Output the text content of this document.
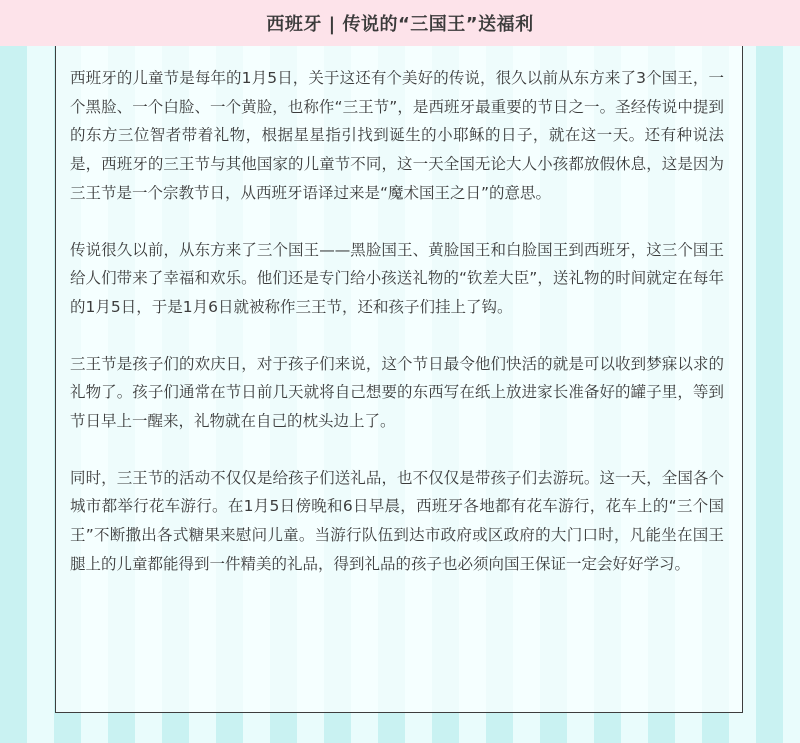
西班牙 | 传说的“三国王”送福利

西班牙的儿童节是每年的1月5日，关于这还有个美好的传说，很久以前从东方来了3个国王，一个黑脸、一个白脸、一个黄脸，也称作“三王节”，是西班牙最重要的节日之一。圣经传说中提到的东方三位智者带着礼物，根据星星指引找到诞生的小耶稣的日子，就在这一天。还有种说法是，西班牙的三王节与其他国家的儿童节不同，这一天全国无论大人小孩都放假休息，这是因为三王节是一个宗教节日，从西班牙语译过来是“魔术国王之日”的意思。

传说很久以前，从东方来了三个国王——黑脸国王、黄脸国王和白脸国王到西班牙，这三个国王给人们带来了幸福和欢乐。他们还是专门给小孩送礼物的“钦差大臣”，送礼物的时间就定在每年的1月5日，于是1月6日就被称作三王节，还和孩子们挂上了钩。

三王节是孩子们的欢庆日，对于孩子们来说，这个节日最令他们快活的就是可以收到梦寐以求的礼物了。孩子们通常在节日前几天就将自己想要的东西写在纸上放进家长准备好的罐子里，等到节日早上一醒来，礼物就在自己的枕头边上了。

同时，三王节的活动不仅仅是给孩子们送礼品，也不仅仅是带孩子们去游玩。这一天，全国各个城市都举行花车游行。在1月5日傍晚和6日早晨，西班牙各地都有花车游行，花车上的“三个国王”不断撒出各式糖果来慰问儿童。当游行队伍到达市政府或区政府的大门口时，凡能坐在国王腿上的儿童都能得到一件精美的礼品，得到礼品的孩子也必须向国王保证一定会好好学习。
